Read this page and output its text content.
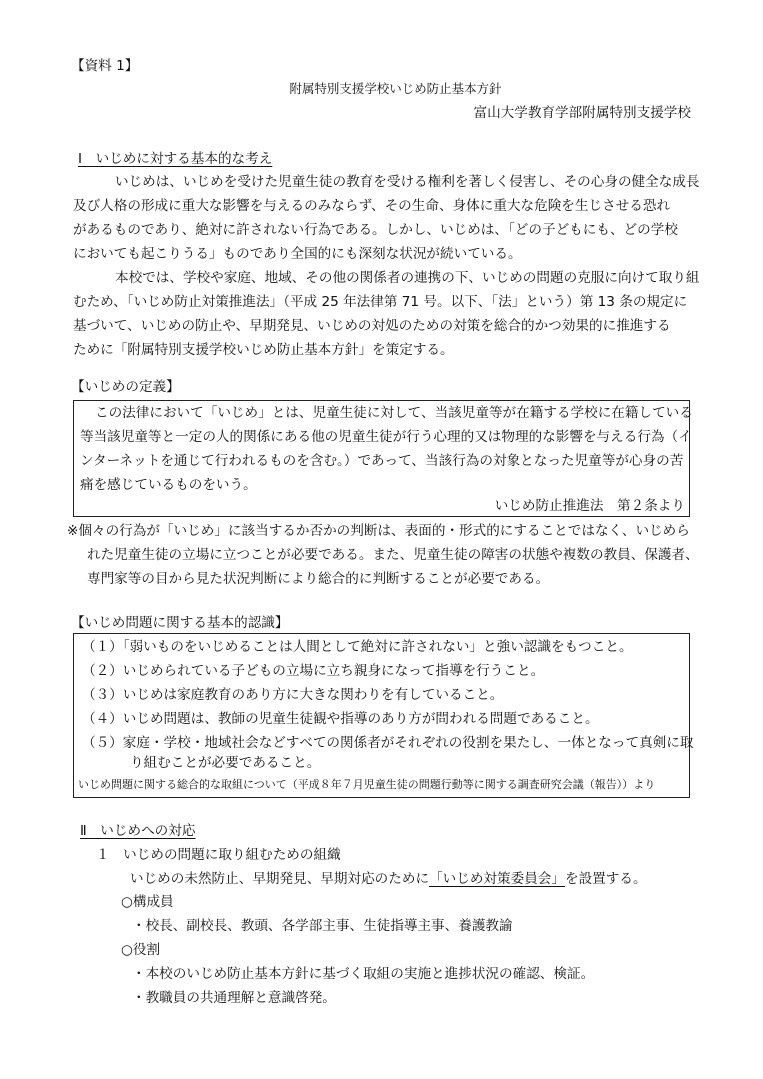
【資料 1】
附属特別支援学校いじめ防止基本方針
富山大学教育学部附属特別支援学校
Ⅰ　いじめに対する基本的な考え
いじめは、いじめを受けた児童生徒の教育を受ける権利を著しく侵害し、その心身の健全な成長
及び人格の形成に重大な影響を与えるのみならず、その生命、身体に重大な危険を生じさせる恐れ
があるものであり、絶対に許されない行為である。しかし、いじめは、「どの子どもにも、どの学校
においても起こりうる」ものであり全国的にも深刻な状況が続いている。
本校では、学校や家庭、地域、その他の関係者の連携の下、いじめの問題の克服に向けて取り組
むため、「いじめ防止対策推進法」（平成 25 年法律第 71 号。以下、「法」という）第 13 条の規定に
基づいて、いじめの防止や、早期発見、いじめの対処のための対策を総合的かつ効果的に推進する
ために「附属特別支援学校いじめ防止基本方針」を策定する。
【いじめの定義】
この法律において「いじめ」とは、児童生徒に対して、当該児童等が在籍する学校に在籍している
等当該児童等と一定の人的関係にある他の児童生徒が行う心理的又は物理的な影響を与える行為（イ
ンターネットを通じて行われるものを含む。）であって、当該行為の対象となった児童等が心身の苦
痛を感じているものをいう。
いじめ防止推進法　第２条より
※個々の行為が「いじめ」に該当するか否かの判断は、表面的・形式的にすることではなく、いじめら
れた児童生徒の立場に立つことが必要である。また、児童生徒の障害の状態や複数の教員、保護者、
専門家等の目から見た状況判断により総合的に判断することが必要である。
【いじめ問題に関する基本的認識】
（１）「弱いものをいじめることは人間として絶対に許されない」と強い認識をもつこと。
（２）いじめられている子どもの立場に立ち親身になって指導を行うこと。
（３）いじめは家庭教育のあり方に大きな関わりを有していること。
（４）いじめ問題は、教師の児童生徒観や指導のあり方が問われる問題であること。
（５）家庭・学校・地域社会などすべての関係者がそれぞれの役割を果たし、一体となって真剣に取
り組むことが必要であること。
いじめ問題に関する総合的な取組について（平成８年７月児童生徒の問題行動等に関する調査研究会議（報告））より
Ⅱ　いじめへの対応
１　いじめの問題に取り組むための組織
いじめの未然防止、早期発見、早期対応のために「いじめ対策委員会」を設置する。
○構成員
・校長、副校長、教頭、各学部主事、生徒指導主事、養護教諭
○役割
・本校のいじめ防止基本方針に基づく取組の実施と進捗状況の確認、検証。
・教職員の共通理解と意識啓発。
